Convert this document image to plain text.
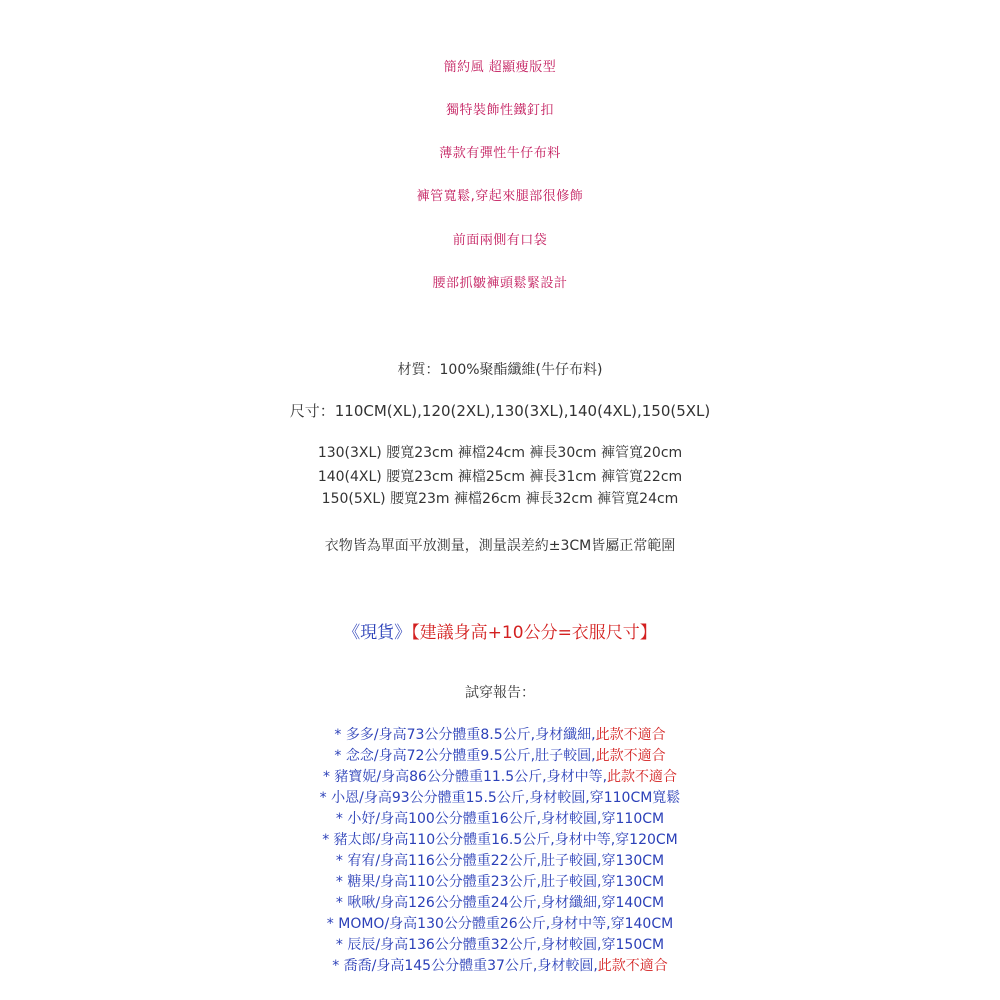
簡約風 超顯瘦版型
獨特裝飾性鐵釘扣
薄款有彈性牛仔布料
褲管寬鬆,穿起來腿部很修飾
前面兩側有口袋
腰部抓皺褲頭鬆緊設計
材質：100%聚酯纖維(牛仔布料)
尺寸：110CM(XL),120(2XL),130(3XL),140(4XL),150(5XL)
130(3XL) 腰寬23cm 褲檔24cm 褲長30cm 褲管寬20cm
140(4XL) 腰寬23cm 褲檔25cm 褲長31cm 褲管寬22cm
150(5XL) 腰寬23m 褲檔26cm 褲長32cm 褲管寬24cm
衣物皆為單面平放測量，測量誤差約±3CM皆屬正常範圍
《現貨》【建議身高+10公分=衣服尺寸】
試穿報告：
* 多多/身高73公分體重8.5公斤,身材纖細,此款不適合
* 念念/身高72公分體重9.5公斤,肚子較圓,此款不適合
* 豬寶妮/身高86公分體重11.5公斤,身材中等,此款不適合
* 小恩/身高93公分體重15.5公斤,身材較圓,穿110CM寬鬆
* 小妤/身高100公分體重16公斤,身材較圓,穿110CM
* 豬太郎/身高110公分體重16.5公斤,身材中等,穿120CM
* 宥宥/身高116公分體重22公斤,肚子較圓,穿130CM
* 糖果/身高110公分體重23公斤,肚子較圓,穿130CM
* 啾啾/身高126公分體重24公斤,身材纖細,穿140CM
* MOMO/身高130公分體重26公斤,身材中等,穿140CM
* 辰辰/身高136公分體重32公斤,身材較圓,穿150CM
* 喬喬/身高145公分體重37公斤,身材較圓,此款不適合
